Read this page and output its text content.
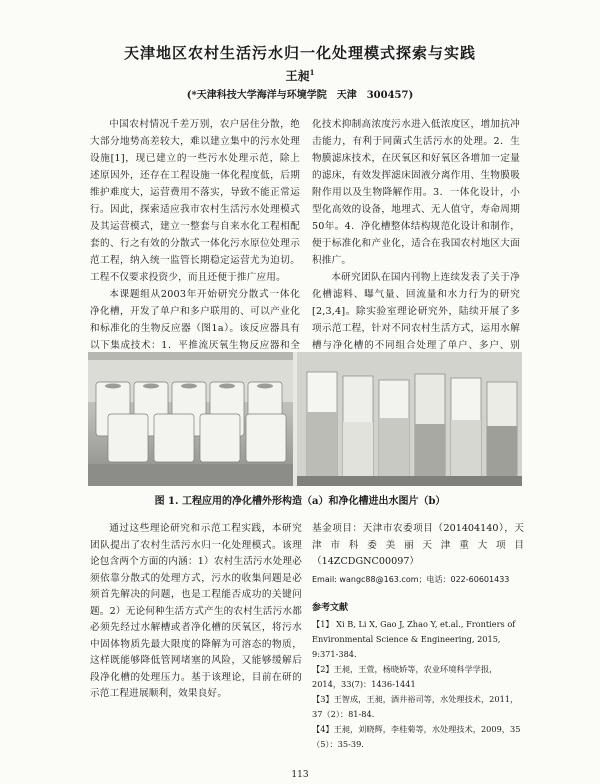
天津地区农村生活污水归一化处理模式探索与实践
王昶$^1$
(*天津科技大学海洋与环境学院　天津　300457)

中国农村情况千差万别，农户居住分散，绝大部分地势高差较大，难以建立集中的污水处理设施[1]，现已建立的一些污水处理示范，除上述原因外，还存在工程设施一体化程度低，后期维护难度大，运营费用不落实，导致不能正常运行。因此，探索适应我市农村生活污水处理模式及其运营模式，建立一整套与自来水化工程相配套的、行之有效的分散式一体化污水原位处理示范工程，纳入统一监管长期稳定运营尤为迫切。工程不仅要求投资少，而且还便于推广应用。

本课题组从2003年开始研究分散式一体化净化槽，开发了单户和多户联用的、可以产业化和标准化的生物反应器（图1a）。该反应器具有以下集成技术：1．平推流厌氧生物反应器和全

化技术抑制高浓度污水进入低浓度区，增加抗冲击能力，有利于同菌式生活污水的处理。2．生物膜滤床技术，在厌氧区和好氧区各增加一定量的滤床，有效发挥滤床固液分离作用、生物膜吸附作用以及生物降解作用。3．一体化设计，小型化高效的设备，地埋式、无人值守，寿命周期50年。4．净化槽整体结构规范化设计和制作，便于标准化和产业化，适合在我国农村地区大面积推广。

本研究团队在国内刊物上连续发表了关于净化槽滤料、曝气量、回流量和水力行为的研究[2,3,4]。除实验室理论研究外，陆续开展了多项示范工程，针对不同农村生活方式，运用水解槽与净化槽的不同组合处理了单户、多户、别

图 1. 工程应用的净化槽外形构造（a）和净化槽进出水图片（b）

通过这些理论研究和示范工程实践，本研究团队提出了农村生活污水归一化处理模式。该理论包含两个方面的内涵：1）农村生活污水处理必须依靠分散式的处理方式，污水的收集问题是必须首先解决的问题，也是工程能否成功的关键问题。2）无论何种生活方式产生的农村生活污水都必须先经过水解槽或者净化槽的厌氧区，将污水中固体物质先最大限度的降解为可溶态的物质，这样既能够降低管网堵塞的风险，又能够缓解后段净化槽的处理压力。基于该理论，目前在研的示范工程进展顺利，效果良好。

基金项目：天津市农委项目（201404140），天津市科委美丽天津重大项目（14ZCDGNC00097）
Email: wangc88@163.com；电话：022-60601433
参考文献
【1】 Xi B, Li X, Gao J, Zhao Y, et.al., Frontiers of Environmental Science & Engineering, 2015, 9:371-384.
【2】王昶，王萱，杨晓娇等，农业环境科学学报，2014，33(7)：1436-1441
【3】王智成，王昶，酒井裕司等，水处理技术，2011，37（2）：81-84.
【4】王昶，刘晓辉，李桂菊等，水处理技术，2009，35（5）：35-39.
113
